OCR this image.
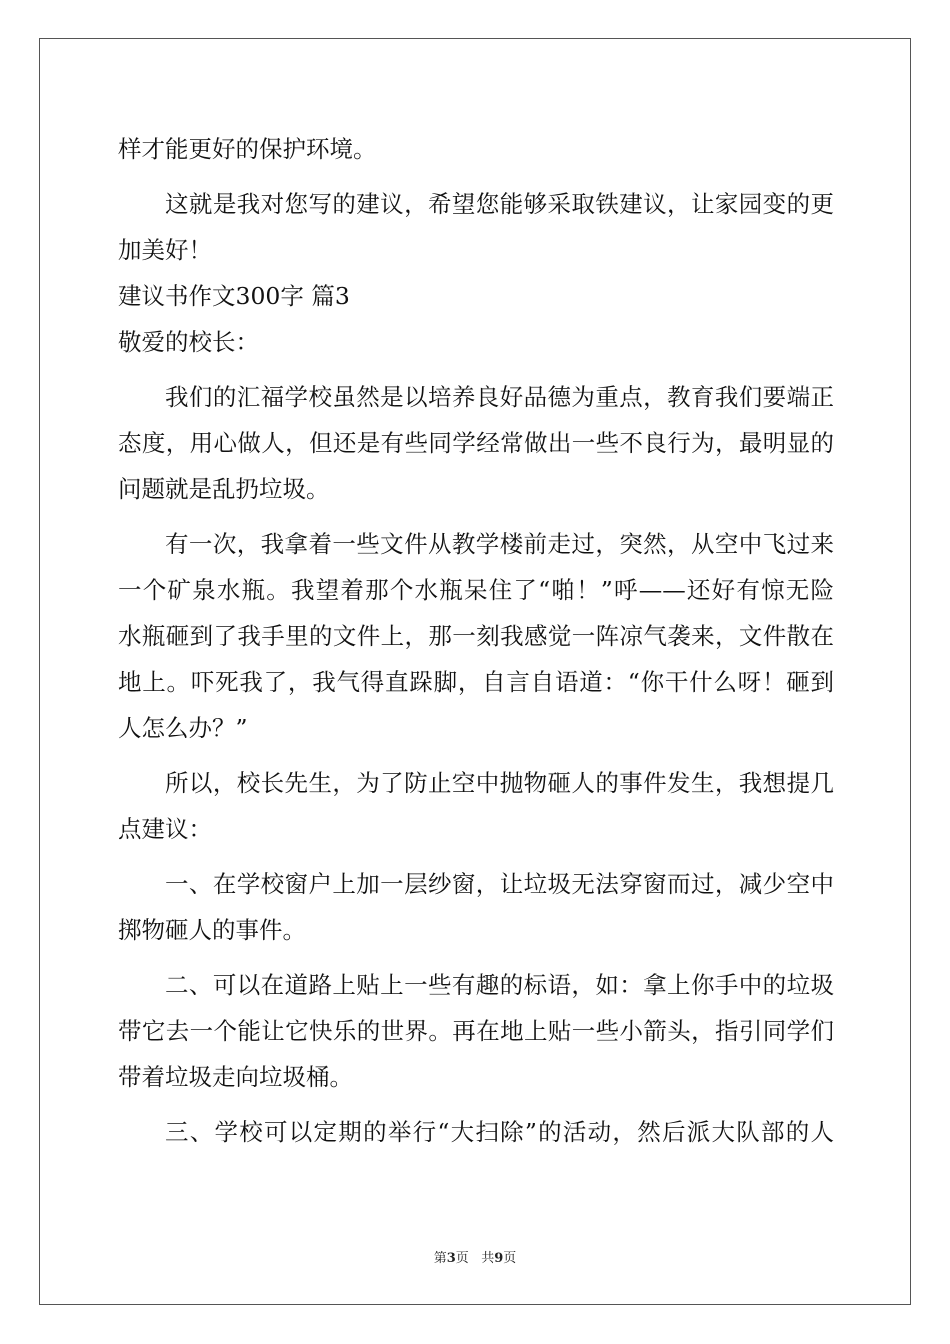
样才能更好的保护环境。
这就是我对您写的建议，希望您能够采取铁建议，让家园变的更
加美好！
建议书作文300字 篇3
敬爱的校长：
我们的汇福学校虽然是以培养良好品德为重点，教育我们要端正
态度，用心做人，但还是有些同学经常做出一些不良行为，最明显的
问题就是乱扔垃圾。
有一次，我拿着一些文件从教学楼前走过，突然，从空中飞过来
一个矿泉水瓶。我望着那个水瓶呆住了“啪！”呼——还好有惊无险
水瓶砸到了我手里的文件上，那一刻我感觉一阵凉气袭来，文件散在
地上。吓死我了，我气得直跺脚，自言自语道：“你干什么呀！砸到
人怎么办？”
所以，校长先生，为了防止空中抛物砸人的事件发生，我想提几
点建议：
一、在学校窗户上加一层纱窗，让垃圾无法穿窗而过，减少空中
掷物砸人的事件。
二、可以在道路上贴上一些有趣的标语，如：拿上你手中的垃圾
带它去一个能让它快乐的世界。再在地上贴一些小箭头，指引同学们
带着垃圾走向垃圾桶。
三、学校可以定期的举行“大扫除”的活动，然后派大队部的人
第3页 共9页
